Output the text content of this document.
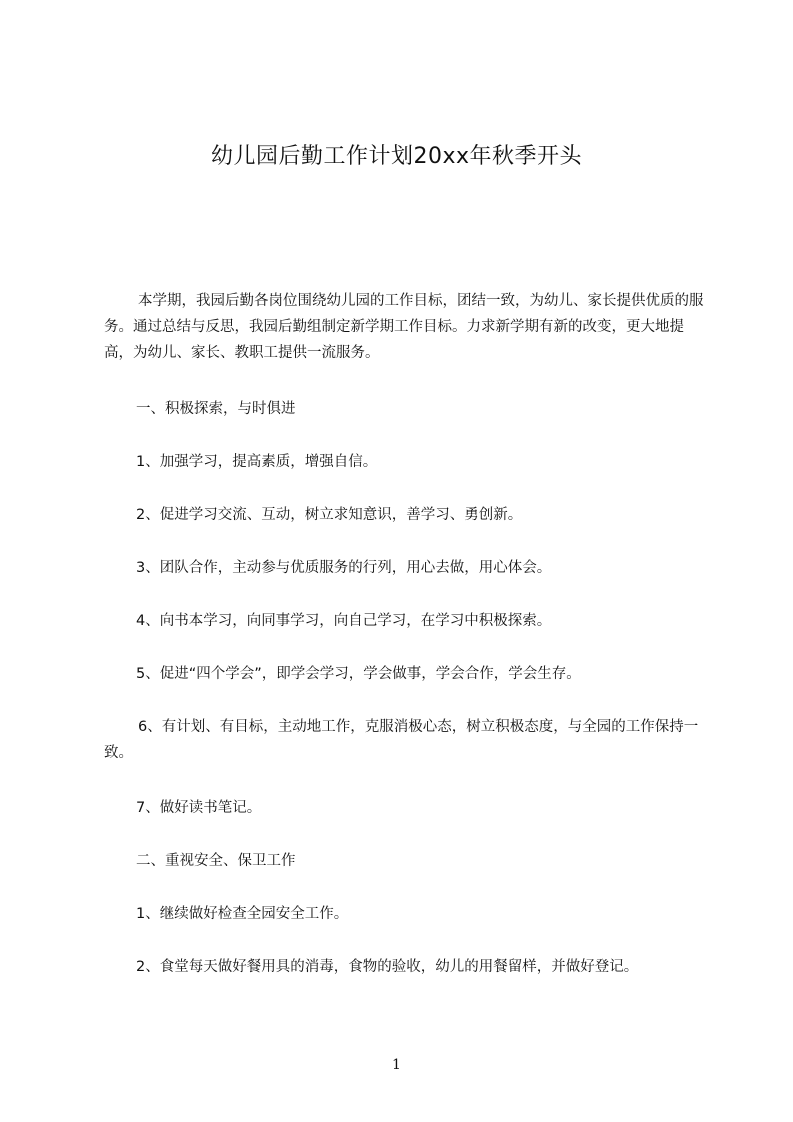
幼儿园后勤工作计划20xx年秋季开头

本学期，我园后勤各岗位围绕幼儿园的工作目标，团结一致，为幼儿、家长提供优质的服务。通过总结与反思，我园后勤组制定新学期工作目标。力求新学期有新的改变，更大地提高，为幼儿、家长、教职工提供一流服务。

一、积极探索，与时俱进
1、加强学习，提高素质，增强自信。
2、促进学习交流、互动，树立求知意识，善学习、勇创新。
3、团队合作，主动参与优质服务的行列，用心去做，用心体会。
4、向书本学习，向同事学习，向自己学习，在学习中积极探索。
5、促进“四个学会”，即学会学习，学会做事，学会合作，学会生存。

6、有计划、有目标，主动地工作，克服消极心态，树立积极态度，与全园的工作保持一致。

7、做好读书笔记。
二、重视安全、保卫工作
1、继续做好检查全园安全工作。
2、食堂每天做好餐用具的消毒，食物的验收，幼儿的用餐留样，并做好登记。
1
